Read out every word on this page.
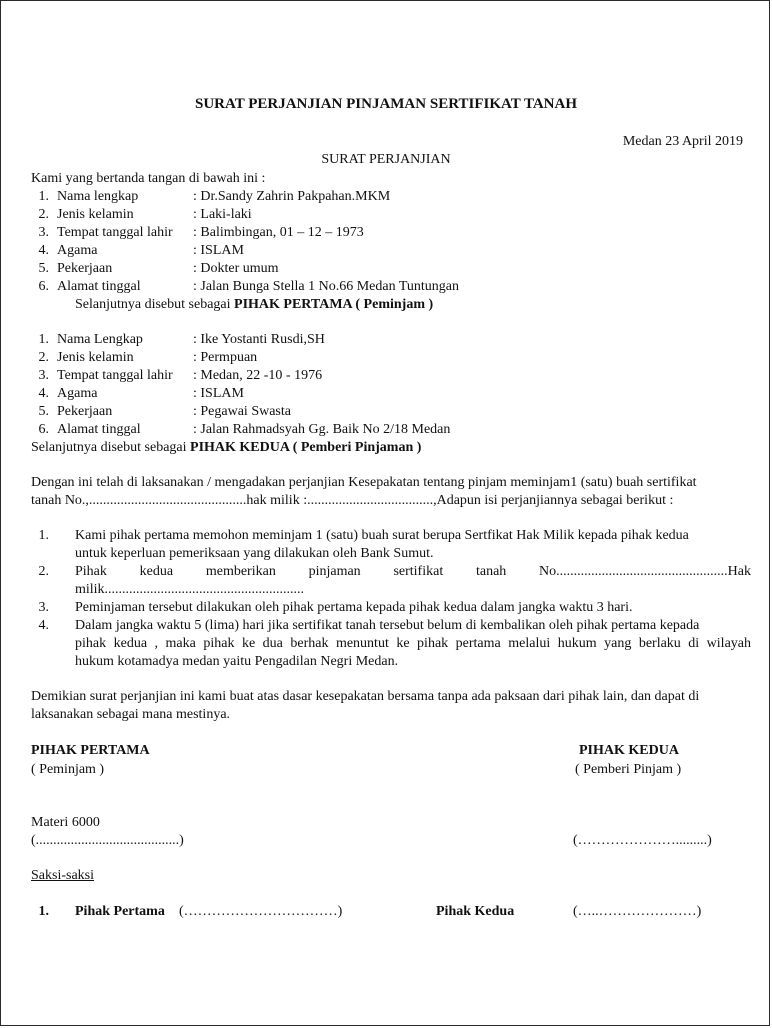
SURAT PERJANJIAN PINJAMAN SERTIFIKAT TANAH
Medan 23 April 2019
SURAT PERJANJIAN
Kami yang bertanda tangan di bawah ini :
1. Nama lengkap	: Dr.Sandy Zahrin Pakpahan.MKM
2. Jenis kelamin	: Laki-laki
3. Tempat tanggal lahir : Balimbingan, 01 – 12 – 1973
4. Agama	: ISLAM
5. Pekerjaan	: Dokter umum
6. Alamat tinggal	: Jalan Bunga Stella 1 No.66 Medan Tuntungan
Selanjutnya disebut sebagai PIHAK PERTAMA ( Peminjam )
1. Nama Lengkap	: Ike Yostanti Rusdi,SH
2. Jenis kelamin	: Permpuan
3. Tempat tanggal lahir : Medan, 22 -10 - 1976
4. Agama	: ISLAM
5. Pekerjaan	: Pegawai Swasta
6. Alamat tinggal	: Jalan Rahmadsyah Gg. Baik No 2/18 Medan
Selanjutnya disebut sebagai PIHAK KEDUA ( Pemberi Pinjaman )
Dengan ini telah di laksanakan / mengadakan perjanjian Kesepakatan tentang pinjam meminjam1 (satu) buah sertifikat
tanah No.,.............................................hak milik :....................................,Adapun isi perjanjiannya sebagai berikut :
1.	Kami pihak pertama memohon meminjam 1 (satu) buah surat berupa Sertfikat Hak Milik kepada pihak kedua
untuk keperluan pemeriksaan yang dilakukan oleh Bank Sumut.
2.	Pihak kedua memberikan pinjaman sertifikat tanah No.................................................Hak
milik.........................................................
3.	Peminjaman tersebut dilakukan oleh pihak pertama kepada pihak kedua dalam jangka waktu 3 hari.
4.	Dalam jangka waktu 5 (lima) hari jika sertifikat tanah tersebut belum di kembalikan oleh pihak pertama kepada
pihak kedua , maka pihak ke dua berhak menuntut ke pihak pertama melalui hukum yang berlaku di wilayah
hukum kotamadya medan yaitu Pengadilan Negri Medan.
Demikian surat perjanjian ini kami buat atas dasar kesepakatan bersama tanpa ada paksaan dari pihak lain, dan dapat di
laksanakan sebagai mana mestinya.
PIHAK PERTAMA
( Peminjam )
PIHAK KEDUA
( Pemberi Pinjam )
Materi 6000
(.........................................)	(………………….........)
Saksi-saksi
1.	Pihak Pertama (……………………………)	Pihak Kedua	(…..…………………)
